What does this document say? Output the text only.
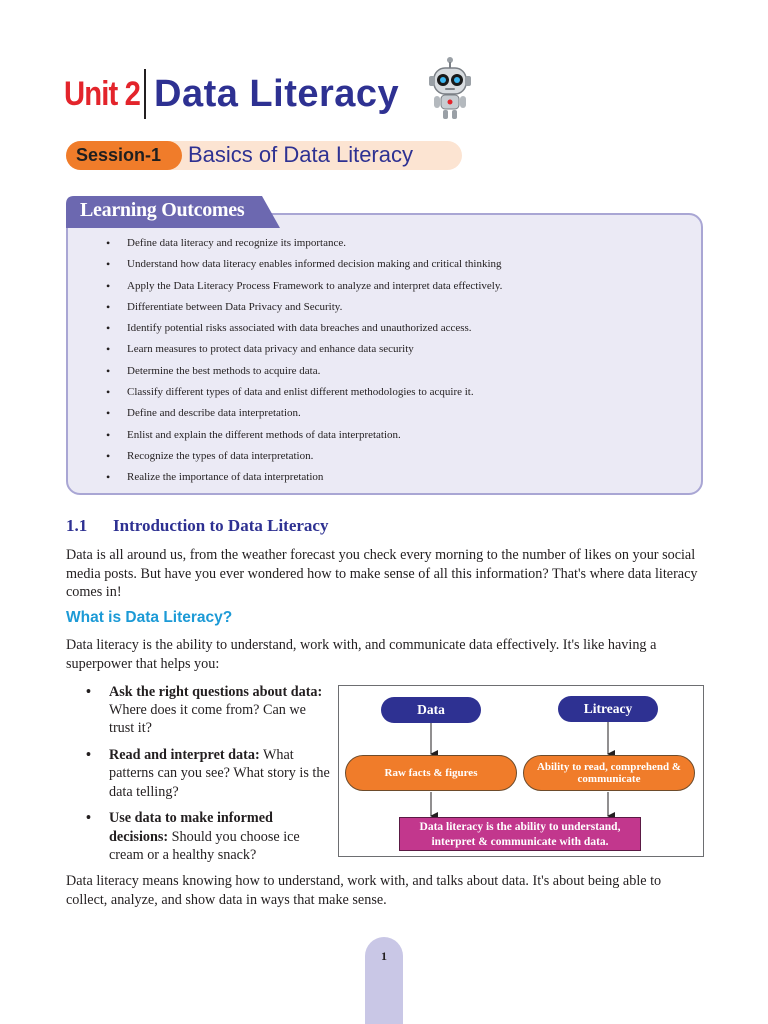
Unit 2 Data Literacy
Session-1 Basics of Data Literacy
Learning Outcomes
• Define data literacy and recognize its importance.
• Understand how data literacy enables informed decision making and critical thinking
• Apply the Data Literacy Process Framework to analyze and interpret data effectively.
• Differentiate between Data Privacy and Security.
• Identify potential risks associated with data breaches and unauthorized access.
• Learn measures to protect data privacy and enhance data security
• Determine the best methods to acquire data.
• Classify different types of data and enlist different methodologies to acquire it.
• Define and describe data interpretation.
• Enlist and explain the different methods of data interpretation.
• Recognize the types of data interpretation.
• Realize the importance of data interpretation
1.1 Introduction to Data Literacy

Data is all around us, from the weather forecast you check every morning to the number of likes on your social media posts. But have you ever wondered how to make sense of all this information? That's where data literacy comes in!

What is Data Literacy?

Data literacy is the ability to understand, work with, and communicate data effectively. It's like having a superpower that helps you:

• Ask the right questions about data: Where does it come from? Can we trust it?
• Read and interpret data: What patterns can you see? What story is the data telling?
• Use data to make informed decisions: Should you choose ice cream or a healthy snack?
Data	Litreacy
Raw facts & figures	Ability to read, comprehend & communicate
Data literacy is the ability to understand, interpret & communicate with data.

Data literacy means knowing how to understand, work with, and talks about data. It's about being able to collect, analyze, and show data in ways that make sense.

1
